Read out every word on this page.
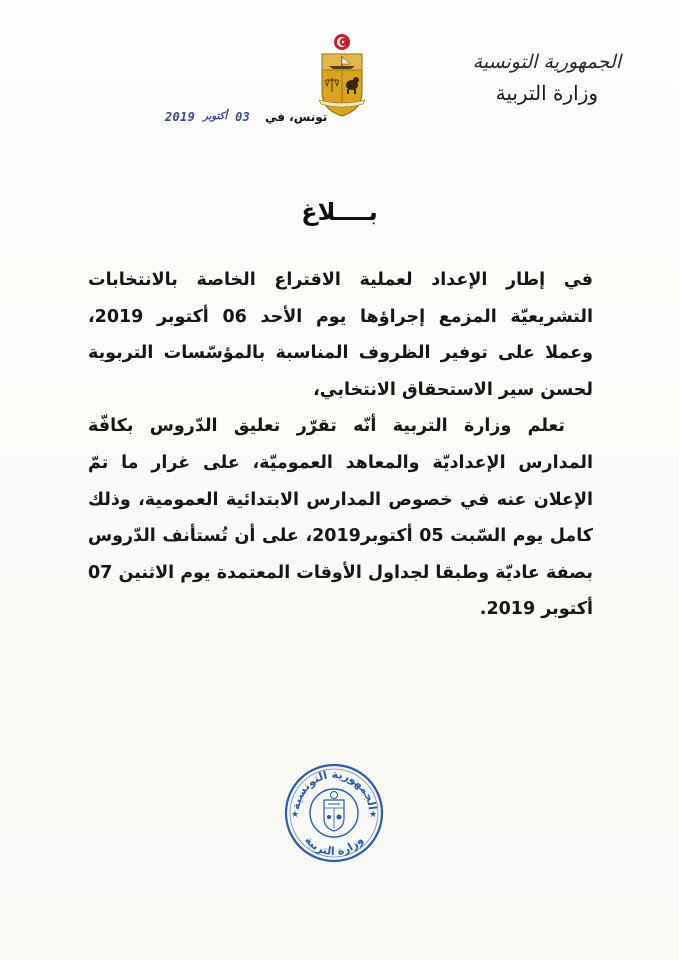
الجمهورية التونسية
وزارة التربية
2019 أكتوبر 03 تونس، في
بــــلاغ

في إطار الإعداد لعملية الاقتراع الخاصة بالانتخابات التشريعيّة المزمع إجراؤها يوم الأحد 06 أكتوبر 2019، وعملا على توفير الظروف المناسبة بالمؤسّسات التربوية لحسن سير الاستحقاق الانتخابي،

تعلم وزارة التربية أنّه تقرّر تعليق الدّروس بكافّة المدارس الإعداديّة والمعاهد العموميّة، على غرار ما تمّ الإعلان عنه في خصوص المدارس الابتدائية العمومية، وذلك كامل يوم السّبت 05 أكتوبر2019، على أن تُستأنف الدّروس بصفة عاديّة وطبقا لجداول الأوقات المعتمدة يوم الاثنين 07 أكتوبر 2019.

الجمهورية التونسية
وزارة التربية
★	★
